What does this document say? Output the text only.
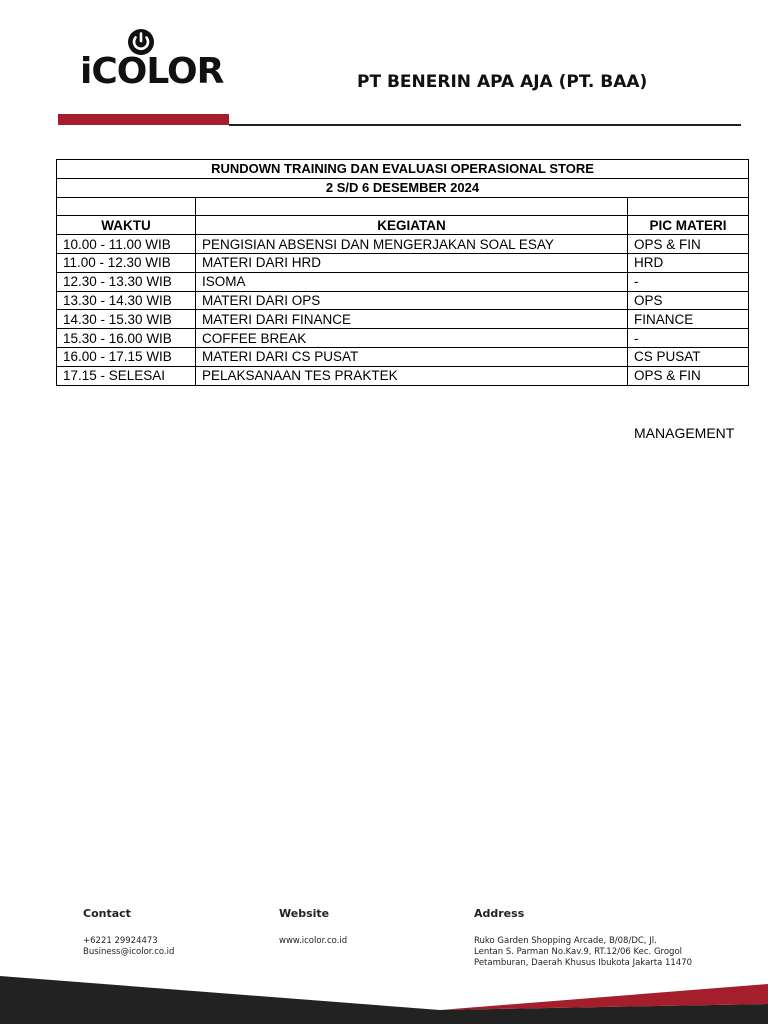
iCOLOR	PT BENERIN APA AJA (PT. BAA)
RUNDOWN TRAINING DAN EVALUASI OPERASIONAL STORE		
2 S/D 6 DESEMBER 2024		

WAKTU	KEGIATAN	PIC MATERI
10.00 - 11.00 WIB	PENGISIAN ABSENSI DAN MENGERJAKAN SOAL ESAY	OPS & FIN
11.00 - 12.30 WIB	MATERI DARI HRD	HRD
12.30 - 13.30 WIB	ISOMA	-
13.30 - 14.30 WIB	MATERI DARI OPS	OPS
14.30 - 15.30 WIB	MATERI DARI FINANCE	FINANCE
15.30 - 16.00 WIB	COFFEE BREAK	-
16.00 - 17.15 WIB	MATERI DARI CS PUSAT	CS PUSAT
17.15 - SELESAI	PELAKSANAAN TES PRAKTEK	OPS & FIN
MANAGEMENT
Contact
+6221 29924473
Business@icolor.co.id
Website
www.icolor.co.id
Address
Ruko Garden Shopping Arcade, B/08/DC, Jl.
Lentan S. Parman No.Kav.9, RT.12/06 Kec. Grogol
Petamburan, Daerah Khusus Ibukota Jakarta 11470
